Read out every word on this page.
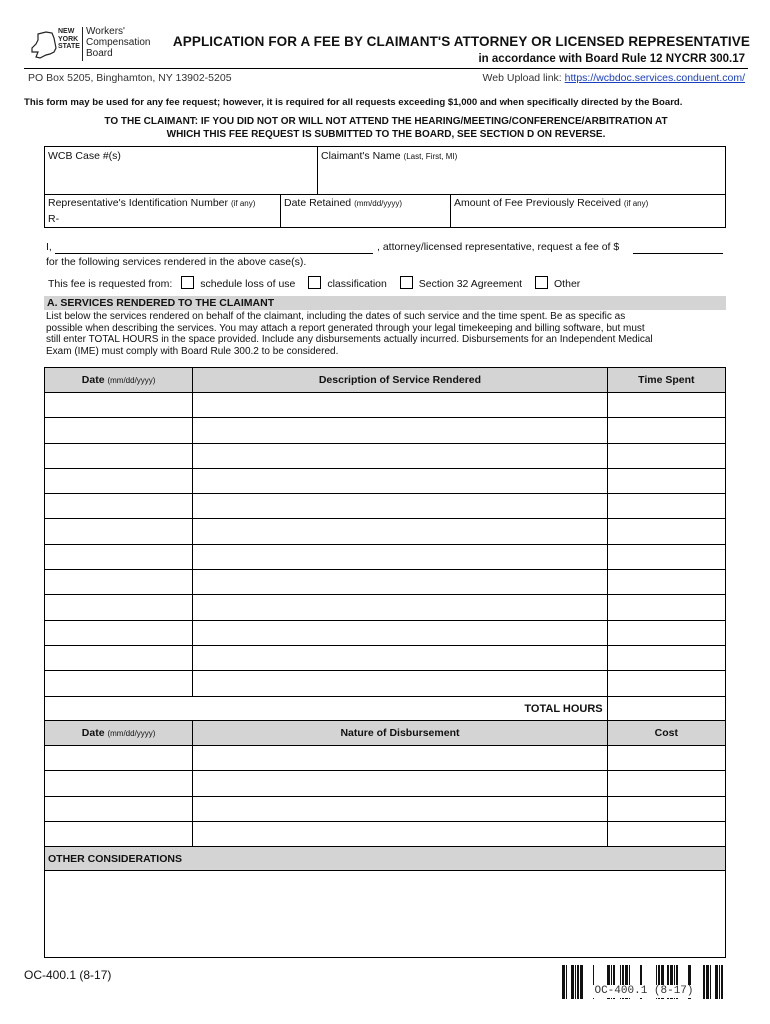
NEW
YORK
STATE
Workers'
Compensation
Board
APPLICATION FOR A FEE BY CLAIMANT'S ATTORNEY OR LICENSED REPRESENTATIVE
in accordance with Board Rule 12 NYCRR 300.17
PO Box 5205, Binghamton, NY 13902-5205	Web Upload link: https://wcbdoc.services.conduent.com/
This form may be used for any fee request; however, it is required for all requests exceeding $1,000 and when specifically directed by the Board.
TO THE CLAIMANT: IF YOU DID NOT OR WILL NOT ATTEND THE HEARING/MEETING/CONFERENCE/ARBITRATION AT
WHICH THIS FEE REQUEST IS SUBMITTED TO THE BOARD, SEE SECTION D ON REVERSE.
WCB Case #(s)	Claimant's Name (Last, First, MI)
Representative's Identification Number (if any)
R-
Date Retained (mm/dd/yyyy)	Amount of Fee Previously Received (if any)
I,	, attorney/licensed representative, request a fee of $
for the following services rendered in the above case(s).
This fee is requested from:	schedule loss of use	classification	Section 32 Agreement	Other
A. SERVICES RENDERED TO THE CLAIMANT
List below the services rendered on behalf of the claimant, including the dates of such service and the time spent. Be as specific as
possible when describing the services. You may attach a report generated through your legal timekeeping and billing software, but must
still enter TOTAL HOURS in the space provided. Include any disbursements actually incurred. Disbursements for an Independent Medical
Exam (IME) must comply with Board Rule 300.2 to be considered.
Date (mm/dd/yyyy)	Description of Service Rendered	Time Spent

TOTAL HOURS		
Date (mm/dd/yyyy)	Nature of Disbursement	Cost

OTHER CONSIDERATIONS
OC-400.1 (8-17)
OC-400.1 (8-17)
